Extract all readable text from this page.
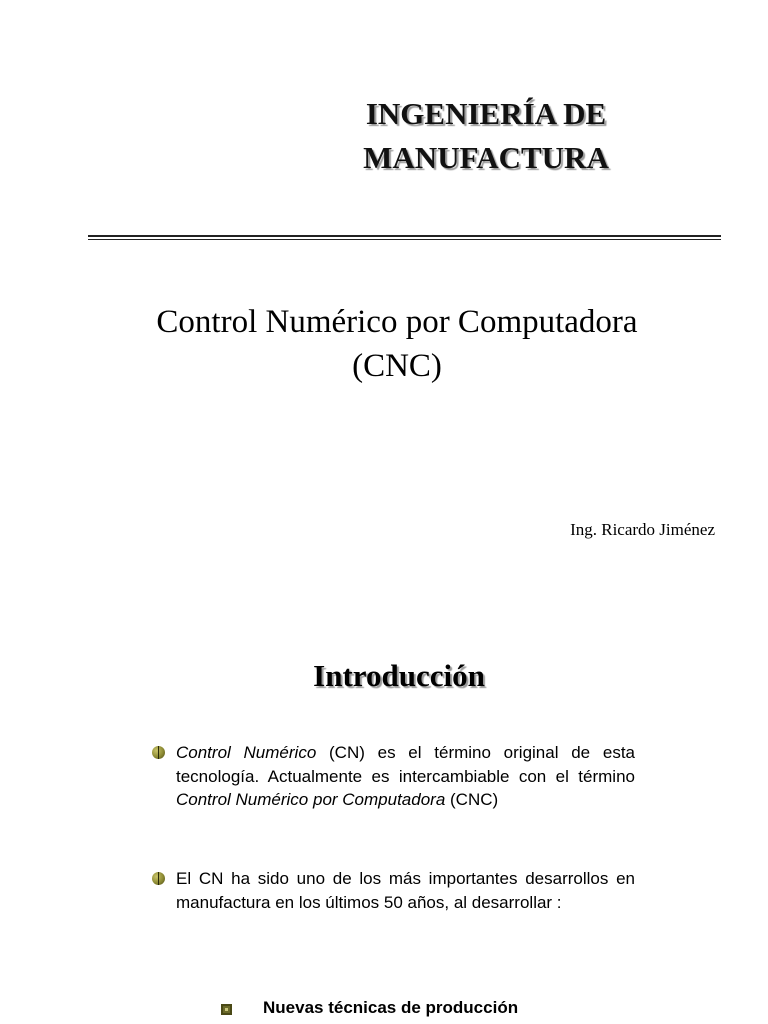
INGENIERÍA DE
MANUFACTURA
Control Numérico por Computadora
(CNC)
Ing. Ricardo Jiménez
Introducción
Control Numérico (CN) es el término original de esta tecnología. Actualmente es intercambiable con el término Control Numérico por Computadora (CNC)
El CN ha sido uno de los más importantes desarrollos en manufactura en los últimos 50 años, al desarrollar :
Nuevas técnicas de producción
